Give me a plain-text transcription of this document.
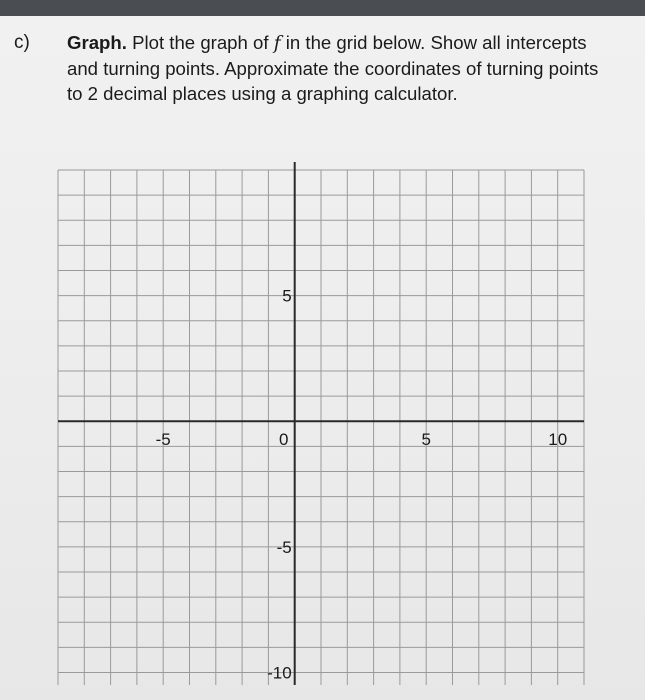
c) Graph. Plot the graph of f in the grid below. Show all intercepts
and turning points. Approximate the coordinates of turning points
to 2 decimal places using a graphing calculator.
-5	0	5	10
5
-5
-10
